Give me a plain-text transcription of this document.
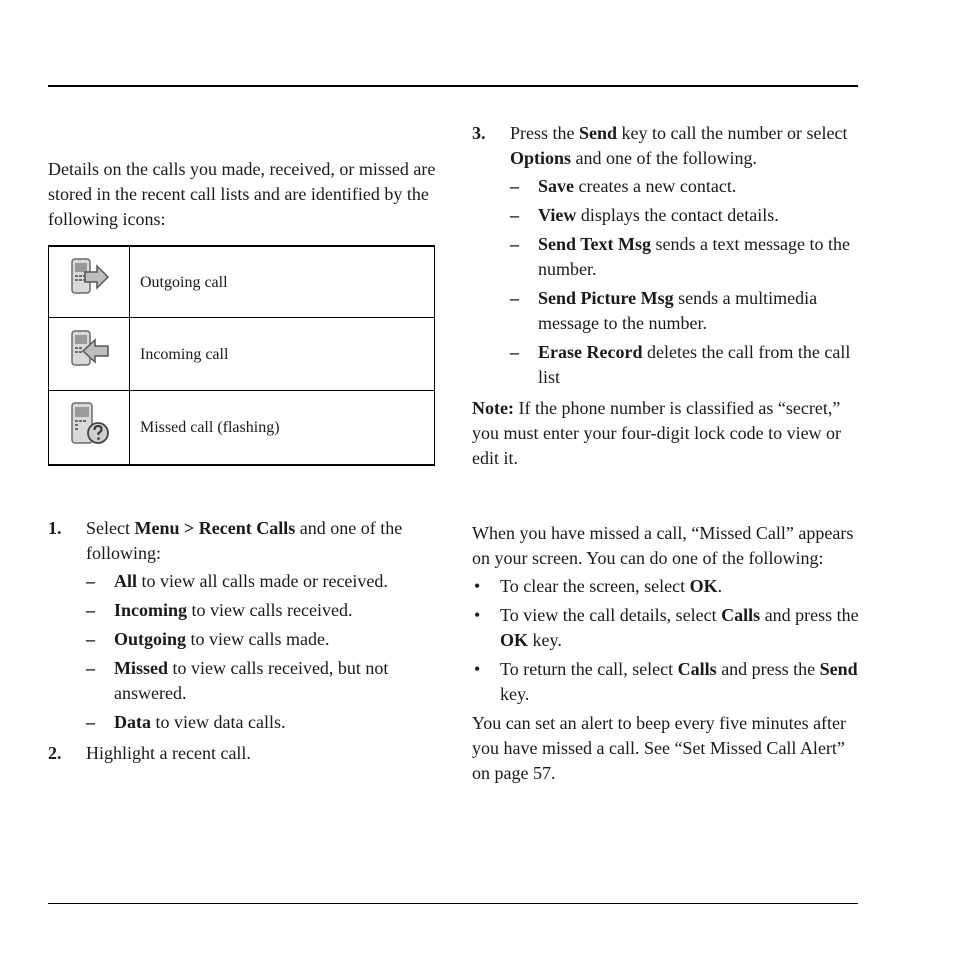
Details on the calls you made, received, or missed are stored in the recent call lists and are identified by the following icons:

	Outgoing call
	Incoming call
	Missed call (flashing)
1. Select Menu > Recent Calls and one of the following:
– All to view all calls made or received.
– Incoming to view calls received.
– Outgoing to view calls made.
– Missed to view calls received, but not answered.
– Data to view data calls.
2. Highlight a recent call.
3. Press the Send key to call the number or select Options and one of the following.
– Save creates a new contact.
– View displays the contact details.
– Send Text Msg sends a text message to the number.
– Send Picture Msg sends a multimedia message to the number.
– Erase Record deletes the call from the call list

Note: If the phone number is classified as “secret,” you must enter your four-digit lock code to view or edit it.

When you have missed a call, “Missed Call” appears on your screen. You can do one of the following:

• To clear the screen, select OK.
• To view the call details, select Calls and press the OK key.
• To return the call, select Calls and press the Send key.

You can set an alert to beep every five minutes after you have missed a call. See “Set Missed Call Alert” on page 57.
